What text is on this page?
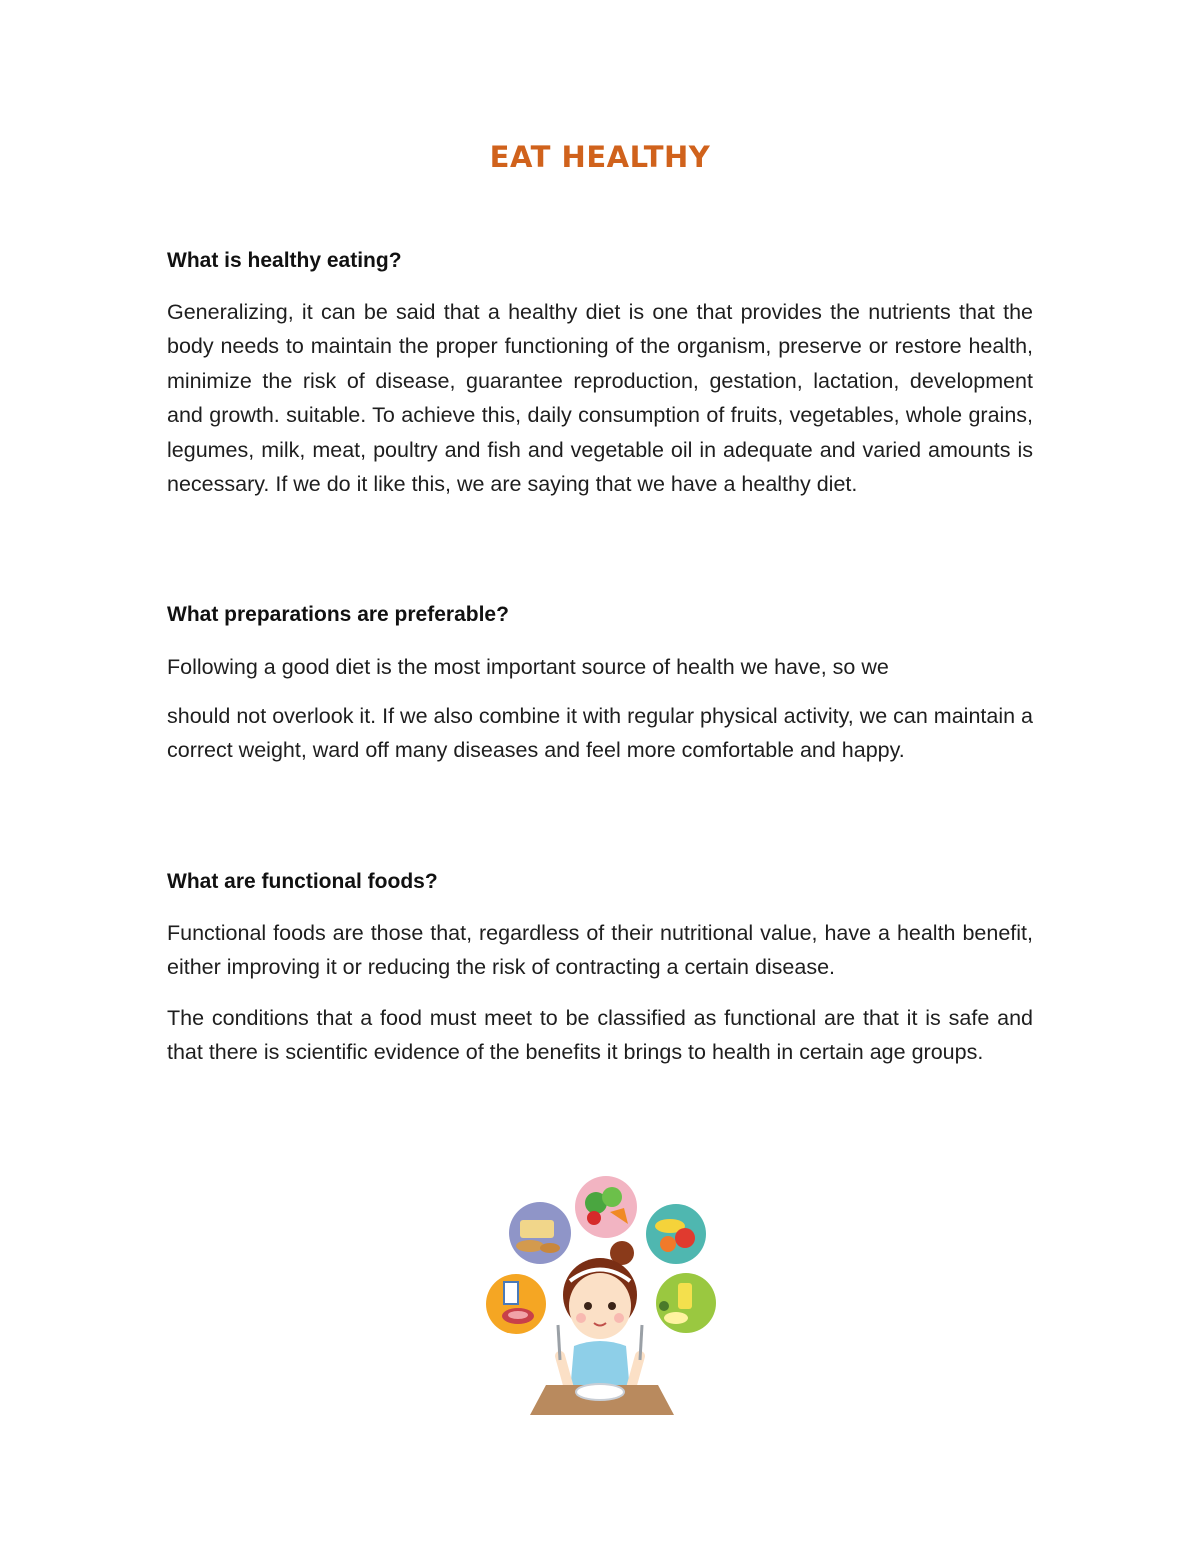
EAT HEALTHY
What is healthy eating?

Generalizing, it can be said that a healthy diet is one that provides the nutrients that the body needs to maintain the proper functioning of the organism, preserve or restore health, minimize the risk of disease, guarantee reproduction, gestation, lactation, development and growth. suitable. To achieve this, daily consumption of fruits, vegetables, whole grains, legumes, milk, meat, poultry and fish and vegetable oil in adequate and varied amounts is necessary. If we do it like this, we are saying that we have a healthy diet.

What preparations are preferable?

Following a good diet is the most important source of health we have, so we

should not overlook it. If we also combine it with regular physical activity, we can maintain a correct weight, ward off many diseases and feel more comfortable and happy.

What are functional foods?

Functional foods are those that, regardless of their nutritional value, have a health benefit, either improving it or reducing the risk of contracting a certain disease.

The conditions that a food must meet to be classified as functional are that it is safe and that there is scientific evidence of the benefits it brings to health in certain age groups.
